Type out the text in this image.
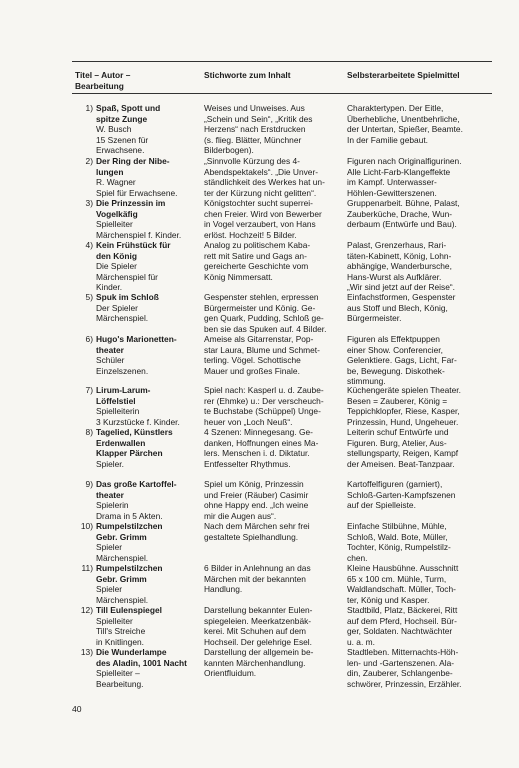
Titel – Autor –
Bearbeitung
Stichworte zum Inhalt	Selbsterarbeitete Spielmittel
1) Spaß, Spott und
spitze Zunge
W. Busch
15 Szenen für
Erwachsene.
Weises und Unweises. Aus
„Schein und Sein“, „Kritik des
Herzens“ nach Erstdrucken
(s. flieg. Blätter, Münchner
Bilderbogen).
Charaktertypen. Der Eitle,
Überhebliche, Unentbehrliche,
der Untertan, Spießer, Beamte.
In der Familie gebaut.
2) Der Ring der Nibe-
lungen
R. Wagner
Spiel für Erwachsene.
„Sinnvolle Kürzung des 4-
Abendspektakels“. „Die Unver-
ständlichkeit des Werkes hat un-
ter der Kürzung nicht gelitten“.
Figuren nach Originalfigurinen.
Alle Licht-Farb-Klangeffekte
im Kampf. Unterwasser-
Höhlen-Gewitterszenen.
3) Die Prinzessin im
Vogelkäfig
Spielleiter
Märchenspiel f. Kinder.
Königstochter sucht superrei-
chen Freier. Wird von Bewerber
in Vogel verzaubert, von Hans
erlöst. Hochzeit! 5 Bilder.
Gruppenarbeit. Bühne, Palast,
Zauberküche, Drache, Wun-
derbaum (Entwürfe und Bau).
4) Kein Frühstück für
den König
Die Spieler
Märchenspiel für
Kinder.
Analog zu politischem Kaba-
rett mit Satire und Gags an-
gereicherte Geschichte vom
König Nimmersatt.
Palast, Grenzerhaus, Rari-
täten-Kabinett, König, Lohn-
abhängige, Wanderbursche,
Hans-Wurst als Aufklärer.
„Wir sind jetzt auf der Reise“.
5) Spuk im Schloß
Der Spieler
Märchenspiel.
Gespenster stehlen, erpressen
Bürgermeister und König. Ge-
gen Quark, Pudding, Schloß ge-
ben sie das Spuken auf. 4 Bilder.
Einfachstformen, Gespenster
aus Stoff und Blech, König,
Bürgermeister.
6) Hugo's Marionetten-
theater
Schüler
Einzelszenen.
Ameise als Gitarrenstar, Pop-
star Laura, Blume und Schmet-
terling. Vögel. Schottische
Mauer und großes Finale.
Figuren als Effektpuppen
einer Show. Conferencier,
Gelenktiere. Gags, Licht, Far-
be, Bewegung. Diskothek-
stimmung.
7) Lirum-Larum-
Löffelstiel
Spielleiterin
3 Kurzstücke f. Kinder.
Spiel nach: Kasperl u. d. Zaube-
rer (Ehmke) u.: Der verscheuch-
te Buchstabe (Schüppel) Unge-
heuer von „Loch Neuß“.
Küchengeräte spielen Theater.
Besen = Zauberer, König =
Teppichklopfer, Riese, Kasper,
Prinzessin, Hund, Ungeheuer.
8) Tagelied, Künstlers
Erdenwallen
Klapper Pärchen
Spieler.
4 Szenen: Minnegesang. Ge-
danken, Hoffnungen eines Ma-
lers. Menschen i. d. Diktatur.
Entfesselter Rhythmus.
Leiterin schuf Entwürfe und
Figuren. Burg, Atelier, Aus-
stellungsparty, Reigen, Kampf
der Ameisen. Beat-Tanzpaar.
9) Das große Kartoffel-
theater
Spielerin
Drama in 5 Akten.
Spiel um König, Prinzessin
und Freier (Räuber) Casimir
ohne Happy end. „Ich weine
mir die Augen aus“.
Kartoffelfiguren (garniert),
Schloß-Garten-Kampfszenen
auf der Spielleiste.
10) Rumpelstilzchen
Gebr. Grimm
Spieler
Märchenspiel.
Nach dem Märchen sehr frei
gestaltete Spielhandlung.
Einfache Stilbühne, Mühle,
Schloß, Wald. Bote, Müller,
Tochter, König, Rumpelstilz-
chen.
11) Rumpelstilzchen
Gebr. Grimm
Spieler
Märchenspiel.
6 Bilder in Anlehnung an das
Märchen mit der bekannten
Handlung.
Kleine Hausbühne. Ausschnitt
65 x 100 cm. Mühle, Turm,
Waldlandschaft. Müller, Toch-
ter, König und Kasper.
12) Till Eulenspiegel
Spielleiter
Till's Streiche
in Knitlingen.
Darstellung bekannter Eulen-
spiegeleien. Meerkatzenbäk-
kerei. Mit Schuhen auf dem
Hochseil. Der gelehrige Esel.
Stadtbild, Platz, Bäckerei, Ritt
auf dem Pferd, Hochseil. Bür-
ger, Soldaten. Nachtwächter
u. a. m.
13) Die Wunderlampe
des Aladin, 1001 Nacht
Spielleiter –
Bearbeitung.
Darstellung der allgemein be-
kannten Märchenhandlung.
Orientfluidum.
Stadtleben. Mitternachts-Höh-
len- und -Gartenszenen. Ala-
din, Zauberer, Schlangenbe-
schwörer, Prinzessin, Erzähler.
40
